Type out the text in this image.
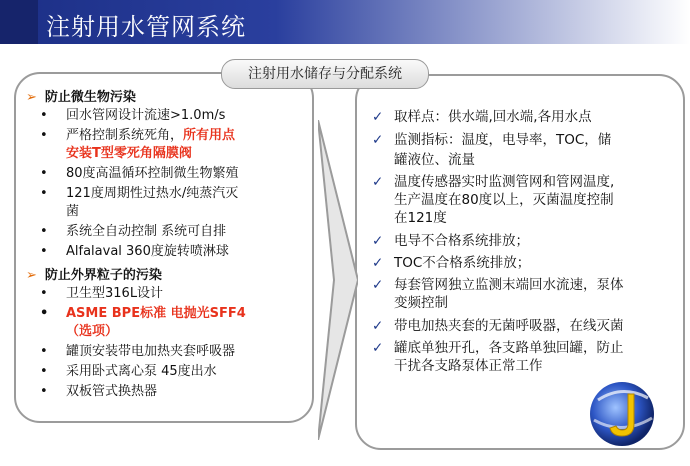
注射用水管网系统
注射用水储存与分配系统
➢ 防止微生物污染
• 回水管网设计流速>1.0m/s
• 严格控制系统死角，所有用点
安装T型零死角隔膜阀
• 80度高温循环控制微生物繁殖
• 121度周期性过热水/纯蒸汽灭
菌
• 系统全自动控制 系统可自排
• Alfalaval 360度旋转喷淋球
➢ 防止外界粒子的污染
• 卫生型316L设计
• ASME BPE标准 电抛光SFF4
（选项）
• 罐顶安装带电加热夹套呼吸器
• 采用卧式离心泵 45度出水
• 双板管式换热器
✓ 取样点：供水端,回水端,各用水点
✓ 监测指标：温度，电导率，TOC，储
罐液位、流量
✓ 温度传感器实时监测管网和管网温度,
生产温度在80度以上，灭菌温度控制
在121度
✓ 电导不合格系统排放；
✓ TOC不合格系统排放；
✓ 每套管网独立监测末端回水流速，泵体
变频控制
✓ 带电加热夹套的无菌呼吸器，在线灭菌
✓ 罐底单独开孔，各支路单独回罐，防止
干扰各支路泵体正常工作
